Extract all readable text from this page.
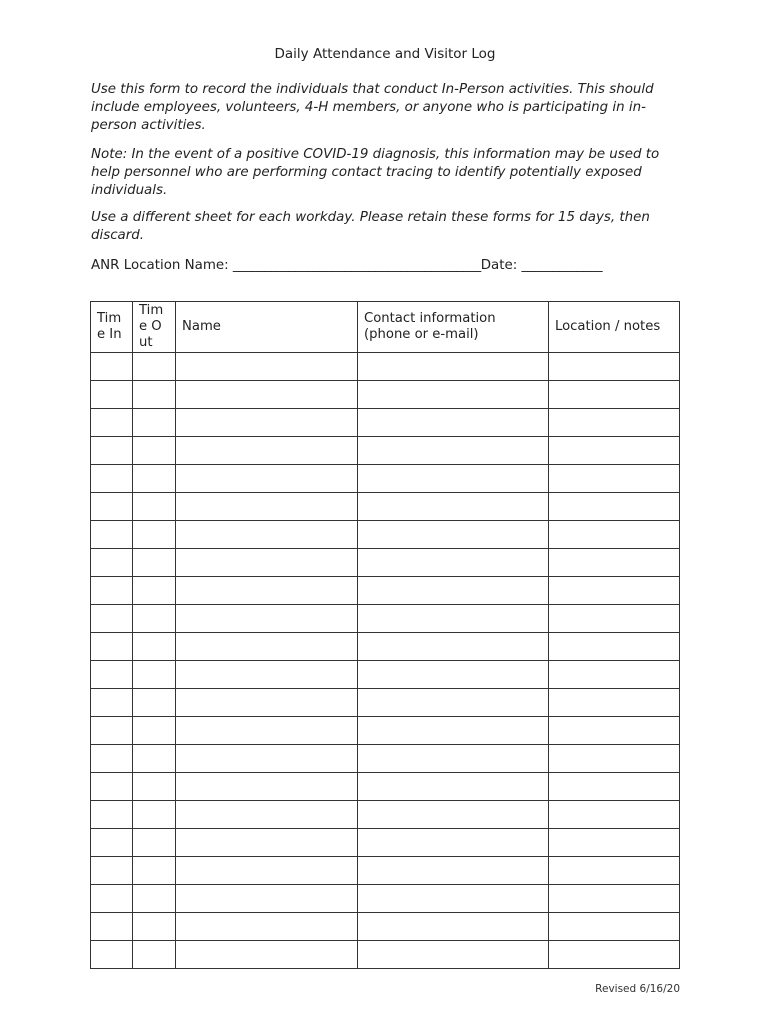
Daily Attendance and Visitor Log
Use this form to record the individuals that conduct In-Person activities. This should include employees, volunteers, 4-H members, or anyone who is participating in in-person activities.
Note: In the event of a positive COVID-19 diagnosis, this information may be used to help personnel who are performing contact tracing to identify potentially exposed individuals.
Use a different sheet for each workday. Please retain these forms for 15 days, then discard.
ANR Location Name: ________________________________________Date: _____________
Time In	Time Out	Name	Contact information (phone or e-mail)	Location / notes

Revised 6/16/20
